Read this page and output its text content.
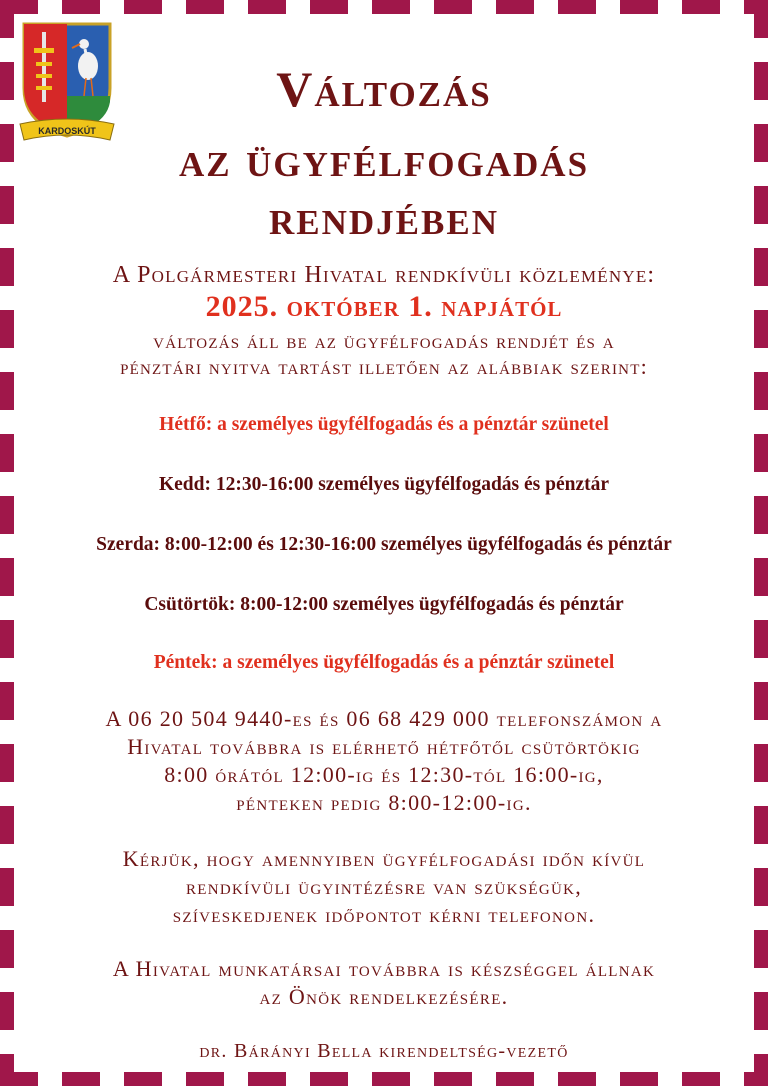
KARDOSKÚT
Változás
az ügyfélfogadás
rendjében
A Polgármesteri Hivatal rendkívüli közleménye:
2025. október 1. napjától
változás áll be az ügyfélfogadás rendjét és a
pénztári nyitva tartást illetően az alábbiak szerint:
Hétfő: a személyes ügyfélfogadás és a pénztár szünetel
Kedd: 12:30-16:00 személyes ügyfélfogadás és pénztár
Szerda: 8:00-12:00 és 12:30-16:00 személyes ügyfélfogadás és pénztár
Csütörtök: 8:00-12:00 személyes ügyfélfogadás és pénztár
Péntek: a személyes ügyfélfogadás és a pénztár szünetel
A 06 20 504 9440-es és 06 68 429 000 telefonszámon a
Hivatal továbbra is elérhető hétfőtől csütörtökig
8:00 órától 12:00-ig és 12:30-tól 16:00-ig,
pénteken pedig 8:00-12:00-ig.
Kérjük, hogy amennyiben ügyfélfogadási időn kívül
rendkívüli ügyintézésre van szükségük,
szíveskedjenek időpontot kérni telefonon.
A Hivatal munkatársai továbbra is készséggel állnak
az Önök rendelkezésére.
dr. Bárányi Bella kirendeltség-vezető
